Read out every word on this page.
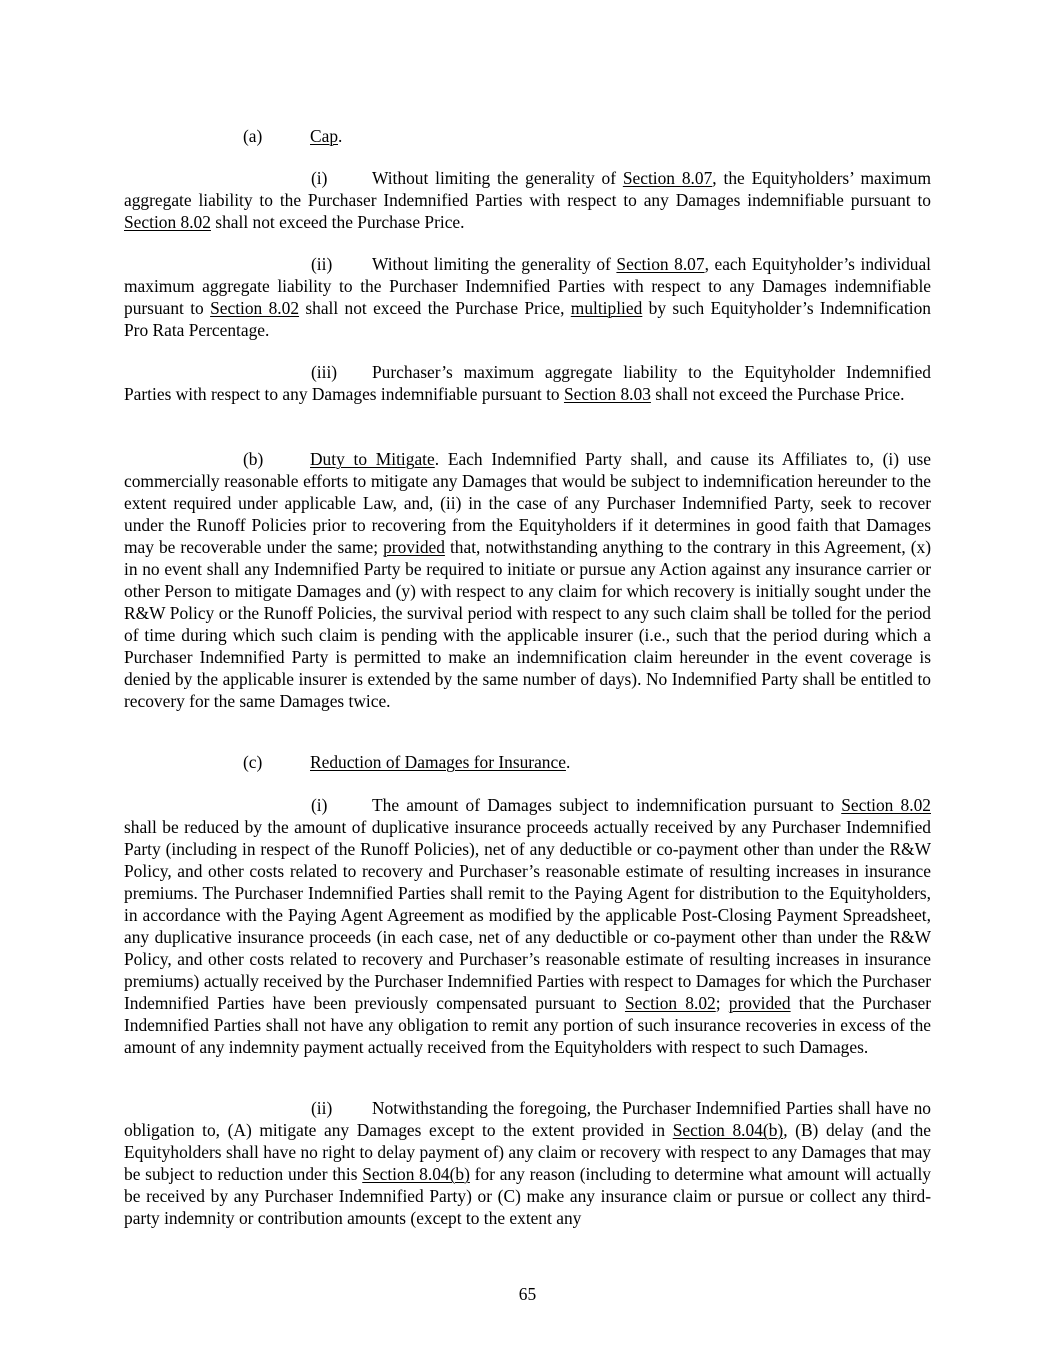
(a)	Cap.

(i)	Without limiting the generality of Section 8.07, the Equityholders’ maximum aggregate liability to the Purchaser Indemnified Parties with respect to any Damages indemnifiable pursuant to Section 8.02 shall not exceed the Purchase Price.

(ii) Without limiting the generality of Section 8.07, each Equityholder’s individual maximum aggregate liability to the Purchaser Indemnified Parties with respect to any Damages indemnifiable pursuant to Section 8.02 shall not exceed the Purchase Price, multiplied by such Equityholder’s Indemnification Pro Rata Percentage.

(iii) Purchaser’s maximum aggregate liability to the Equityholder Indemnified Parties with respect to any Damages indemnifiable pursuant to Section 8.03 shall not exceed the Purchase Price.

(b)	Duty to Mitigate. Each Indemnified Party shall, and cause its Affiliates to, (i) use commercially reasonable efforts to mitigate any Damages that would be subject to indemnification hereunder to the extent required under applicable Law, and, (ii) in the case of any Purchaser Indemnified Party, seek to recover under the Runoff Policies prior to recovering from the Equityholders if it determines in good faith that Damages may be recoverable under the same; provided that, notwithstanding anything to the contrary in this Agreement, (x) in no event shall any Indemnified Party be required to initiate or pursue any Action against any insurance carrier or other Person to mitigate Damages and (y) with respect to any claim for which recovery is initially sought under the R&W Policy or the Runoff Policies, the survival period with respect to any such claim shall be tolled for the period of time during which such claim is pending with the applicable insurer (i.e., such that the period during which a Purchaser Indemnified Party is permitted to make an indemnification claim hereunder in the event coverage is denied by the applicable insurer is extended by the same number of days). No Indemnified Party shall be entitled to recovery for the same Damages twice.

(c)	Reduction of Damages for Insurance.

(i)	The amount of Damages subject to indemnification pursuant to Section 8.02 shall be reduced by the amount of duplicative insurance proceeds actually received by any Purchaser Indemnified Party (including in respect of the Runoff Policies), net of any deductible or co-payment other than under the R&W Policy, and other costs related to recovery and Purchaser’s reasonable estimate of resulting increases in insurance premiums. The Purchaser Indemnified Parties shall remit to the Paying Agent for distribution to the Equityholders, in accordance with the Paying Agent Agreement as modified by the applicable Post-Closing Payment Spreadsheet, any duplicative insurance proceeds (in each case, net of any deductible or co-payment other than under the R&W Policy, and other costs related to recovery and Purchaser’s reasonable estimate of resulting increases in insurance premiums) actually received by the Purchaser Indemnified Parties with respect to Damages for which the Purchaser Indemnified Parties have been previously compensated pursuant to Section 8.02; provided that the Purchaser Indemnified Parties shall not have any obligation to remit any portion of such insurance recoveries in excess of the amount of any indemnity payment actually received from the Equityholders with respect to such Damages.

(ii) Notwithstanding the foregoing, the Purchaser Indemnified Parties shall have no obligation to, (A) mitigate any Damages except to the extent provided in Section 8.04(b), (B) delay (and the Equityholders shall have no right to delay payment of) any claim or recovery with respect to any Damages that may be subject to reduction under this Section 8.04(b) for any reason (including to determine what amount will actually be received by any Purchaser Indemnified Party) or (C) make any insurance claim or pursue or collect any third-party indemnity or contribution amounts (except to the extent any

65
